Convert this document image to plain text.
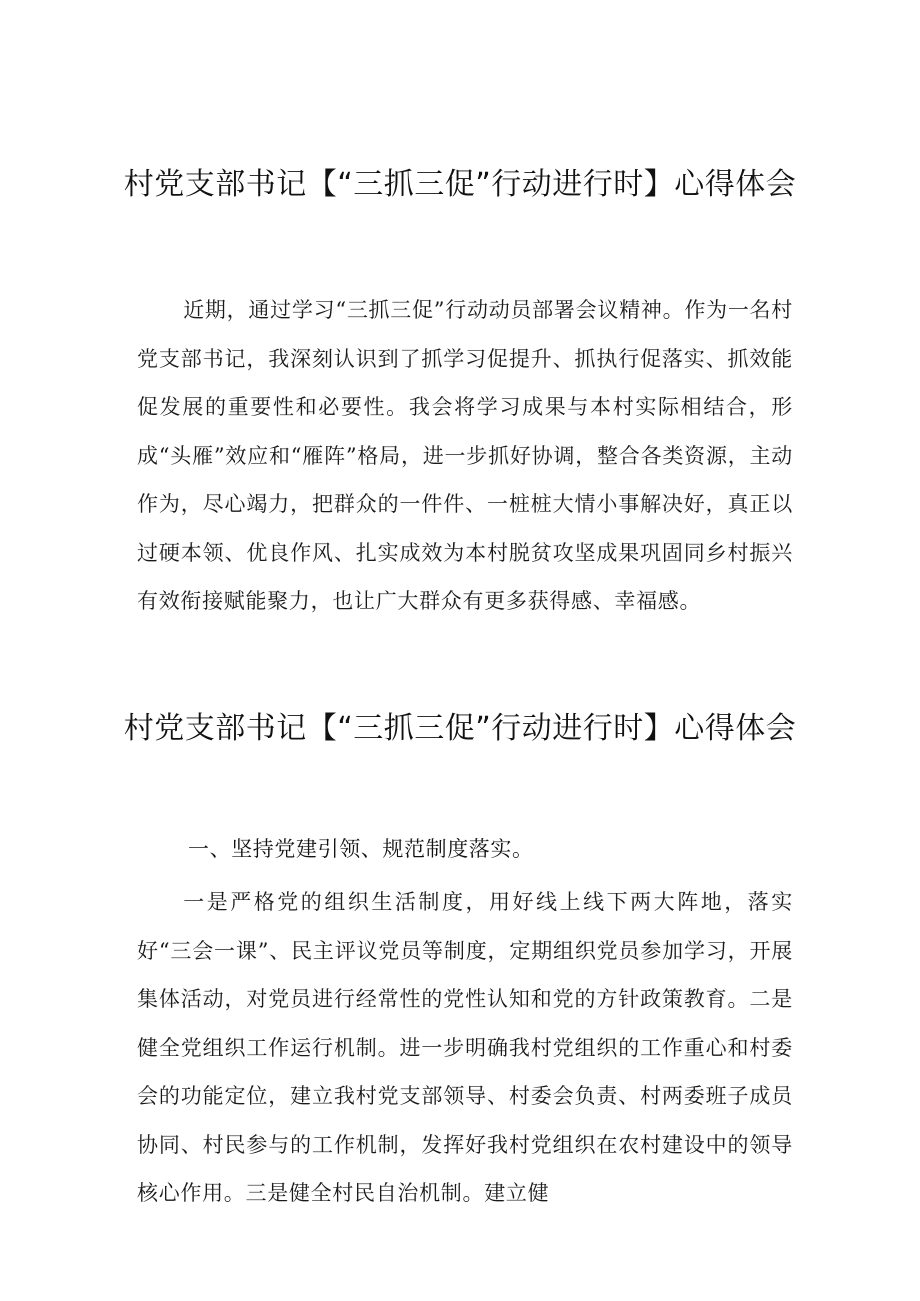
村党支部书记【“三抓三促”行动进行时】心得体会

近期，通过学习“三抓三促”行动动员部署会议精神。作为一名村党支部书记，我深刻认识到了抓学习促提升、抓执行促落实、抓效能促发展的重要性和必要性。我会将学习成果与本村实际相结合，形成“头雁”效应和“雁阵”格局，进一步抓好协调，整合各类资源，主动作为，尽心竭力，把群众的一件件、一桩桩大情小事解决好，真正以过硬本领、优良作风、扎实成效为本村脱贫攻坚成果巩固同乡村振兴有效衔接赋能聚力，也让广大群众有更多获得感、幸福感。

村党支部书记【“三抓三促”行动进行时】心得体会
一、坚持党建引领、规范制度落实。

一是严格党的组织生活制度，用好线上线下两大阵地，落实好“三会一课”、民主评议党员等制度，定期组织党员参加学习，开展集体活动，对党员进行经常性的党性认知和党的方针政策教育。二是健全党组织工作运行机制。进一步明确我村党组织的工作重心和村委会的功能定位，建立我村党支部领导、村委会负责、村两委班子成员协同、村民参与的工作机制，发挥好我村党组织在农村建设中的领导核心作用。三是健全村民自治机制。建立健
